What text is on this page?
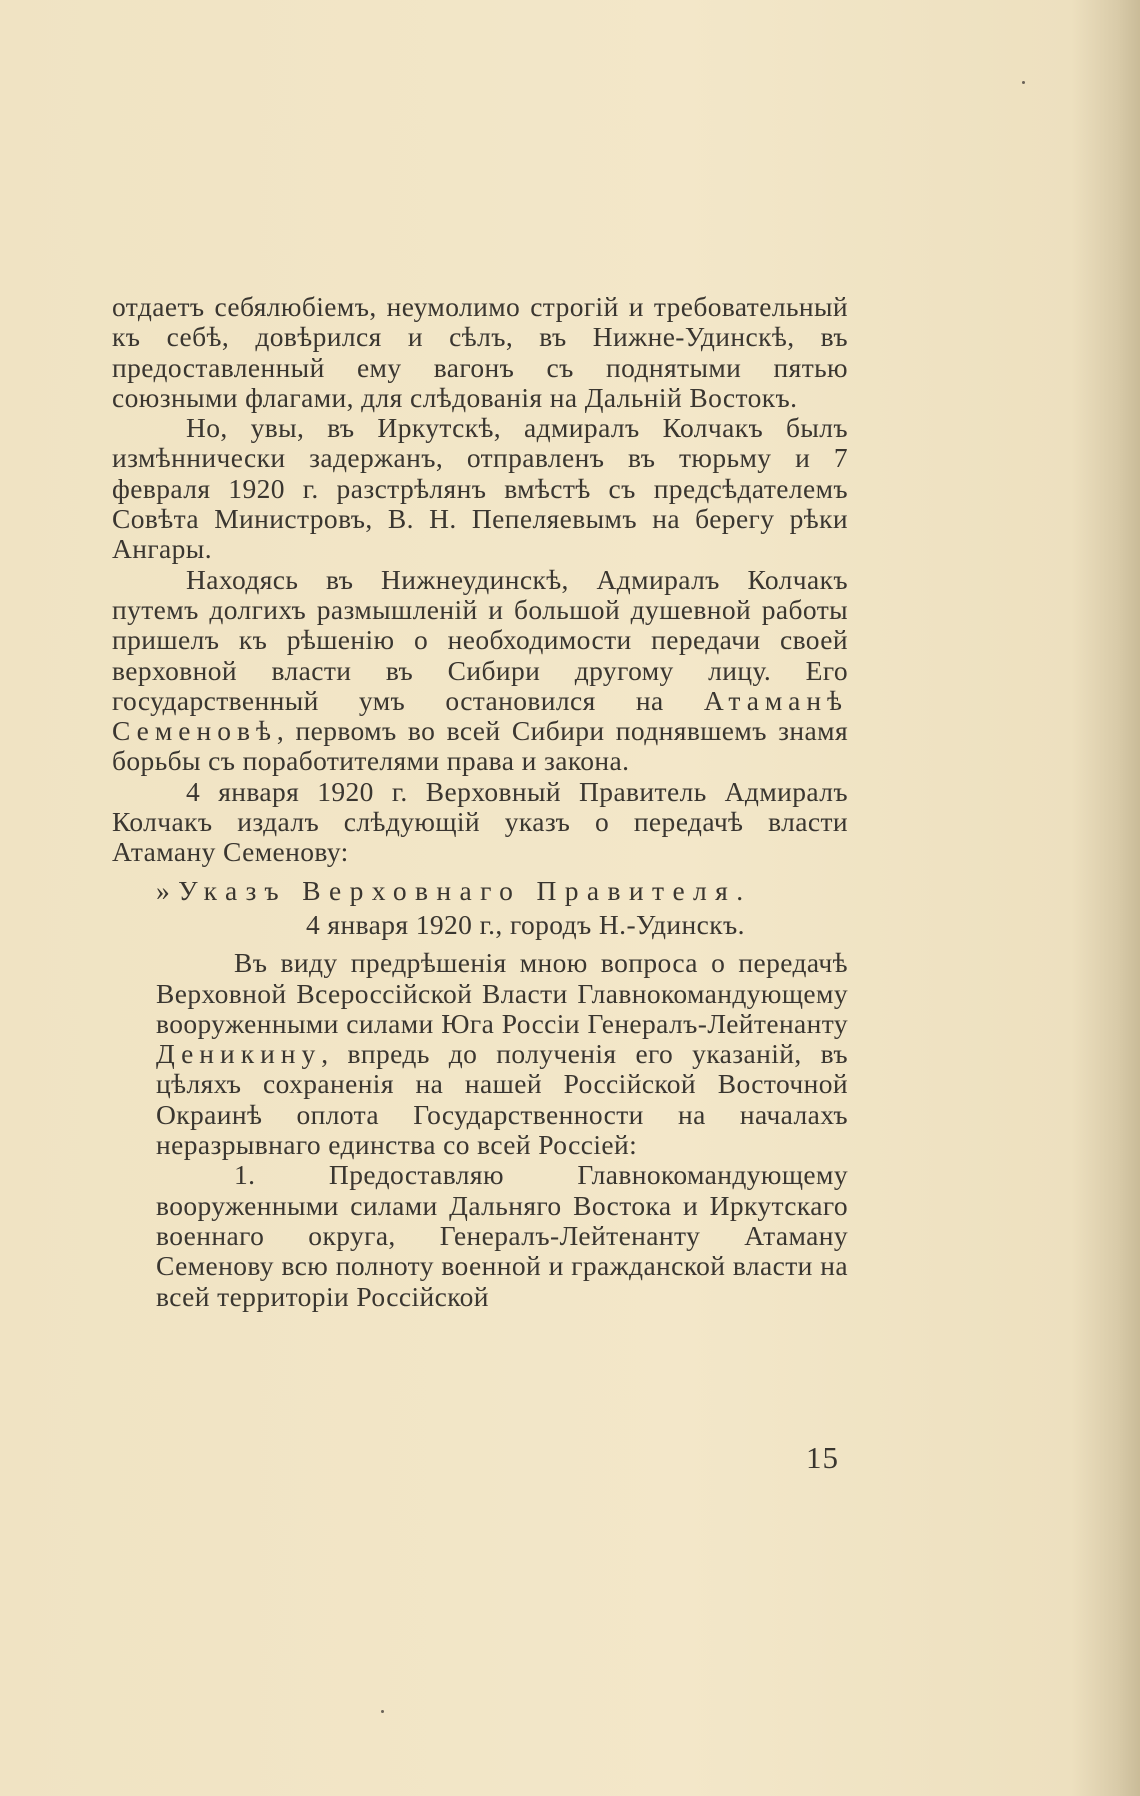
отдаетъ себялюбіемъ, неумолимо строгій и требовательный къ себѣ, довѣрился и сѣлъ, въ Нижне-Удинскѣ, въ предоставленный ему вагонъ съ поднятыми пятью союзными флагами, для слѣдованія на Дальній Востокъ.

Но, увы, въ Иркутскѣ, адмиралъ Колчакъ былъ измѣннически задержанъ, отправленъ въ тюрьму и 7 февраля 1920 г. разстрѣлянъ вмѣстѣ съ предсѣдателемъ Совѣта Министровъ, В. Н. Пепеляевымъ на берегу рѣки Ангары.

Находясь въ Нижнеудинскѣ, Адмиралъ Колчакъ путемъ долгихъ размышленій и большой душевной работы пришелъ къ рѣшенію о необходимости передачи своей верховной власти въ Сибири другому лицу. Его государственный умъ остановился на Атаманѣ Семеновѣ, первомъ во всей Сибири поднявшемъ знамя борьбы съ поработителями права и закона.

4 января 1920 г. Верховный Правитель Адмиралъ Колчакъ издалъ слѣдующій указъ о передачѣ власти Атаману Семенову:

»Указъ Верховнаго Правителя.
4 января 1920 г., городъ Н.-Удинскъ.

Въ виду предрѣшенія мною вопроса о передачѣ Верховной Всероссійской Власти Главнокомандующему вооруженными силами Юга Россіи Генералъ-Лейтенанту Деникину, впредь до полученія его указаній, въ цѣляхъ сохраненія на нашей Россійской Восточной Окраинѣ оплота Государственности на началахъ неразрывнаго единства со всей Россіей:

1. Предоставляю Главнокомандующему вооруженными силами Дальняго Востока и Иркутскаго военнаго округа, Генералъ-Лейтенанту Атаману Семенову всю полноту военной и гражданской власти на всей территоріи Россійской

15
